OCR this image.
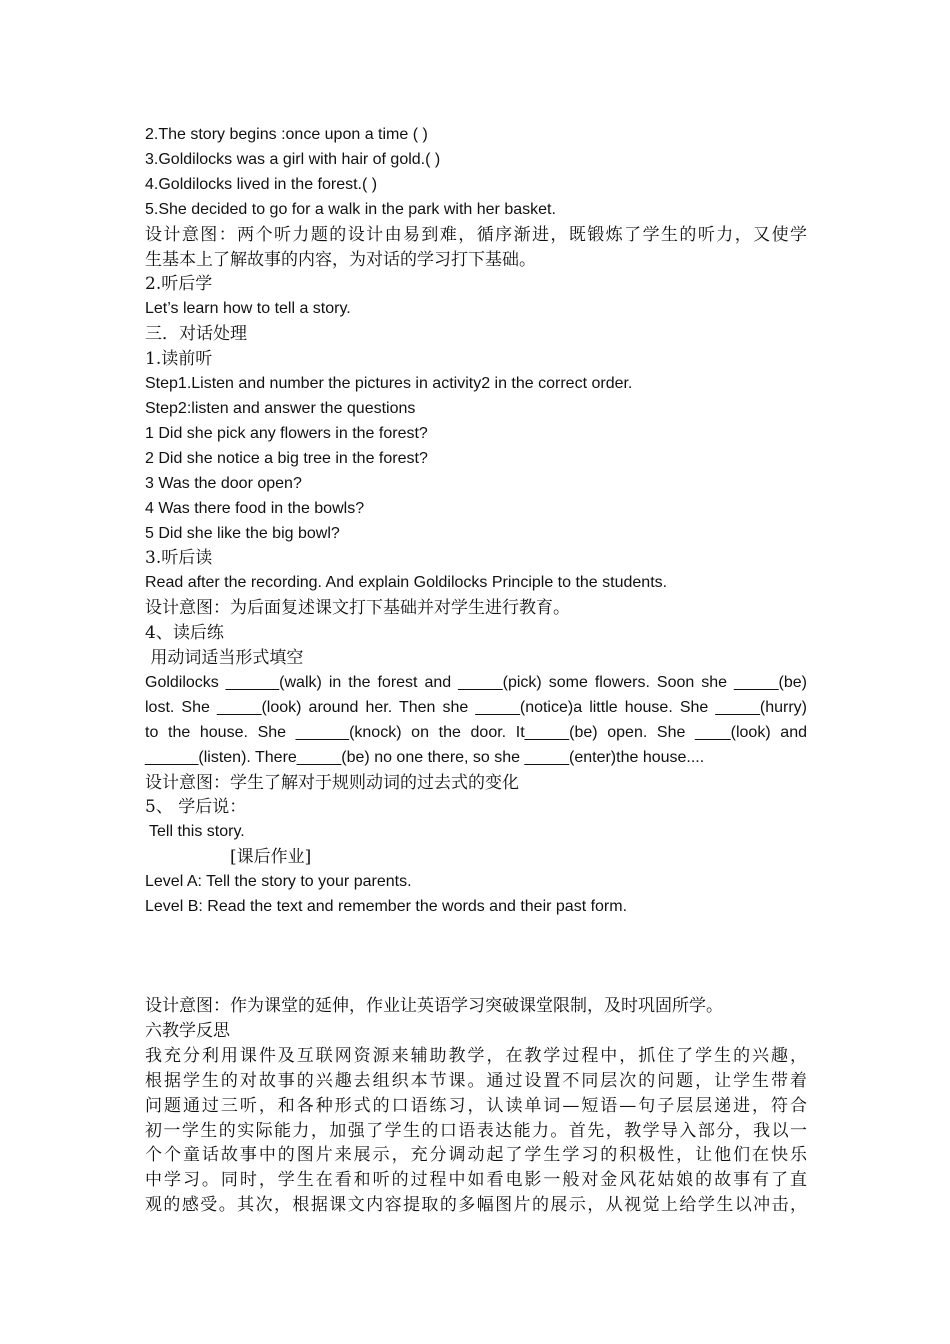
2.The story begins :once upon a time ( )

3.Goldilocks was a girl with hair of gold.( )

4.Goldilocks lived in the forest.( )

5.She decided to go for a walk in the park with her basket.

设计意图：两个听力题的设计由易到难，循序渐进，既锻炼了学生的听力，又使学

生基本上了解故事的内容，为对话的学习打下基础。

2.听后学

Let’s learn how to tell a story.

三．对话处理

1.读前听

Step1.Listen and number the pictures in activity2 in the correct order.

Step2:listen and answer the questions

1 Did she pick any flowers in the forest?

2 Did she notice a big tree in the forest?

3 Was the door open?

4 Was there food in the bowls?

5 Did she like the big bowl?

3.听后读

Read after the recording. And explain Goldilocks Principle to the students.

设计意图：为后面复述课文打下基础并对学生进行教育。

4、读后练

用动词适当形式填空

Goldilocks ______(walk) in the forest and _____(pick) some flowers. Soon she _____(be)

lost. She _____(look) around her. Then she _____(notice)a little house. She _____(hurry)

to the house. She ______(knock) on the door. It_____(be) open. She ____(look) and

______(listen). There_____(be) no one there, so she _____(enter)the house....

设计意图：学生了解对于规则动词的过去式的变化

5、 学后说：

Tell this story.

[课后作业]

Level A: Tell the story to your parents.

Level B: Read the text and remember the words and their past form.

设计意图：作为课堂的延伸，作业让英语学习突破课堂限制，及时巩固所学。

六教学反思

我充分利用课件及互联网资源来辅助教学，在教学过程中，抓住了学生的兴趣，

根据学生的对故事的兴趣去组织本节课。通过设置不同层次的问题，让学生带着

问题通过三听，和各种形式的口语练习，认读单词—短语—句子层层递进，符合

初一学生的实际能力，加强了学生的口语表达能力。首先，教学导入部分，我以一

个个童话故事中的图片来展示，充分调动起了学生学习的积极性，让他们在快乐

中学习。同时，学生在看和听的过程中如看电影一般对金风花姑娘的故事有了直

观的感受。其次，根据课文内容提取的多幅图片的展示，从视觉上给学生以冲击，
